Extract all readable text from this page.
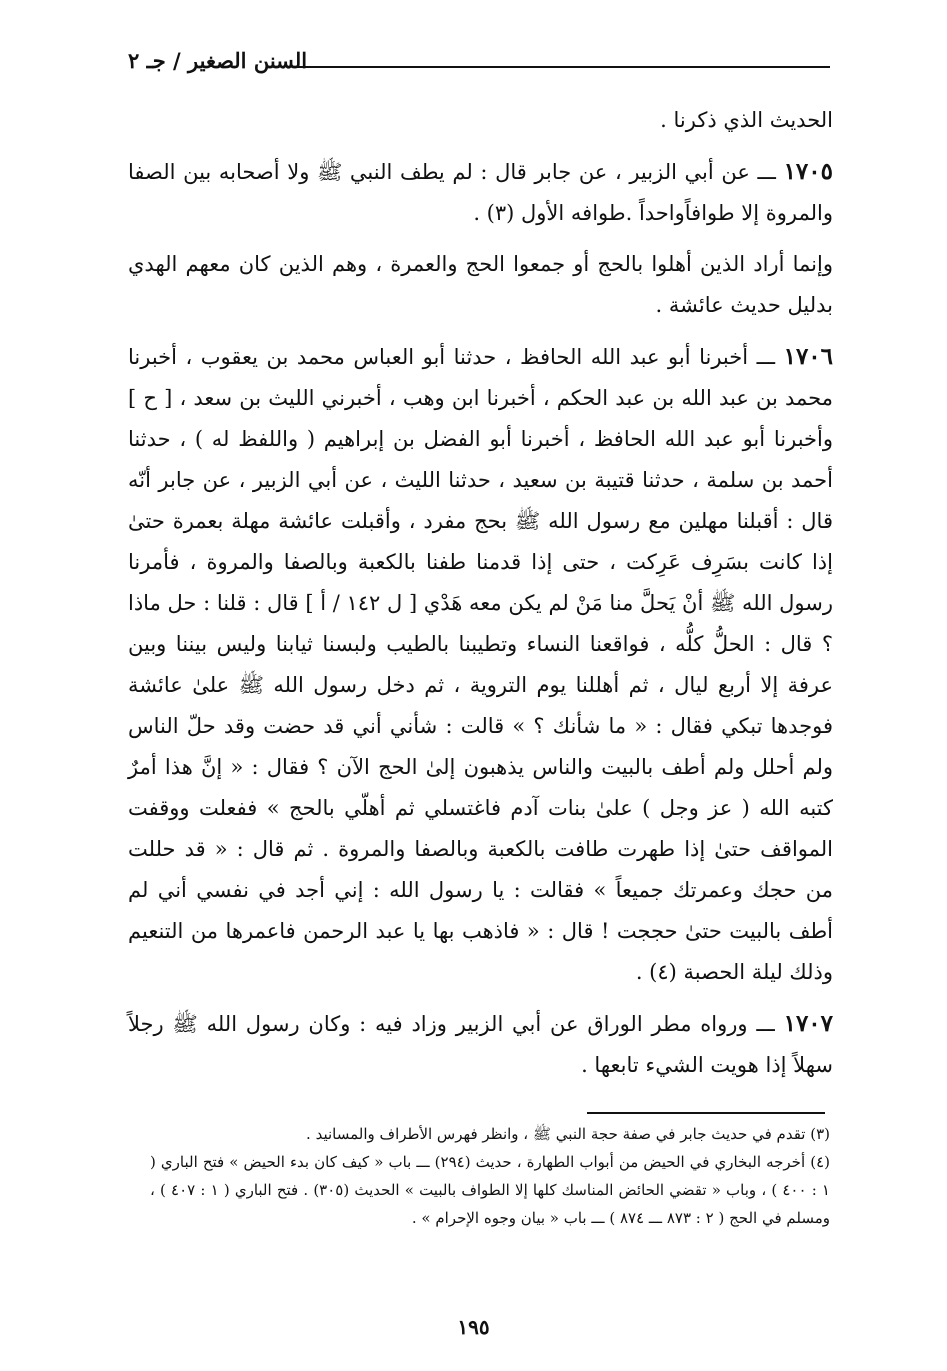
السنن الصغير / جـ ٢

الحديث الذي ذكرنا .

١٧٠٥ ـــ عن أبي الزبير ، عن جابر قال : لم يطف النبي ﷺ ولا أصحابه بين الصفا والمروة إلا طوافاًواحداً .طوافه الأول (٣) .

وإنما أراد الذين أهلوا بالحج أو جمعوا الحج والعمرة ، وهم الذين كان معهم الهدي بدليل حديث عائشة .

١٧٠٦ ـــ أخبرنا أبو عبد الله الحافظ ، حدثنا أبو العباس محمد بن يعقوب ، أخبرنا محمد بن عبد الله بن عبد الحكم ، أخبرنا ابن وهب ، أخبرني الليث بن سعد ، [ ح ] وأخبرنا أبو عبد الله الحافظ ، أخبرنا أبو الفضل بن إبراهيم ( واللفظ له ) ، حدثنا أحمد بن سلمة ، حدثنا قتيبة بن سعيد ، حدثنا الليث ، عن أبي الزبير ، عن جابر أنّه قال : أقبلنا مهلين مع رسول الله ﷺ بحج مفرد ، وأقبلت عائشة مهلة بعمرة حتىٰ إذا كانت بسَرِف عَرِكت ، حتى إذا قدمنا طفنا بالكعبة وبالصفا والمروة ، فأمرنا رسول الله ﷺ أنْ يَحلَّ منا مَنْ لم يكن معه هَدْي [ ل ١٤٢ / أ ] قال : قلنا : حل ماذا ؟ قال : الحلُّ كلُّه ، فواقعنا النساء وتطيبنا بالطيب ولبسنا ثيابنا وليس بيننا وبين عرفة إلا أربع ليال ، ثم أهللنا يوم التروية ، ثم دخل رسول الله ﷺ علىٰ عائشة فوجدها تبكي فقال : « ما شأنك ؟ » قالت : شأني أني قد حضت وقد حلّ الناس ولم أحلل ولم أطف بالبيت والناس يذهبون إلىٰ الحج الآن ؟ فقال : « إنَّ هذا أمرٌ كتبه الله ( عز وجل ) علىٰ بنات آدم فاغتسلي ثم أهلّي بالحج » ففعلت ووقفت المواقف حتىٰ إذا طهرت طافت بالكعبة وبالصفا والمروة . ثم قال : « قد حللت من حجك وعمرتك جميعاً » فقالت : يا رسول الله : إني أجد في نفسي أني لم أطف بالبيت حتىٰ حججت ! قال : « فاذهب بها يا عبد الرحمن فاعمرها من التنعيم وذلك ليلة الحصبة (٤) .

١٧٠٧ ـــ ورواه مطر الوراق عن أبي الزبير وزاد فيه : وكان رسول الله ﷺ رجلاً سهلاً إذا هويت الشيء تابعها .

(٣) تقدم في حديث جابر في صفة حجة النبي ﷺ ، وانظر فهرس الأطراف والمسانيد .

(٤) أخرجه البخاري في الحيض من أبواب الطهارة ، حديث (٢٩٤) ـــ باب « كيف كان بدء الحيض » فتح الباري ( ١ : ٤٠٠ ) ، وباب « تقضي الحائض المناسك كلها إلا الطواف بالبيت » الحديث (٣٠٥) . فتح الباري ( ١ : ٤٠٧ ) ، ومسلم في الحج ( ٢ : ٨٧٣ ـــ ٨٧٤ ) ـــ باب « بيان وجوه الإحرام » .

١٩٥
